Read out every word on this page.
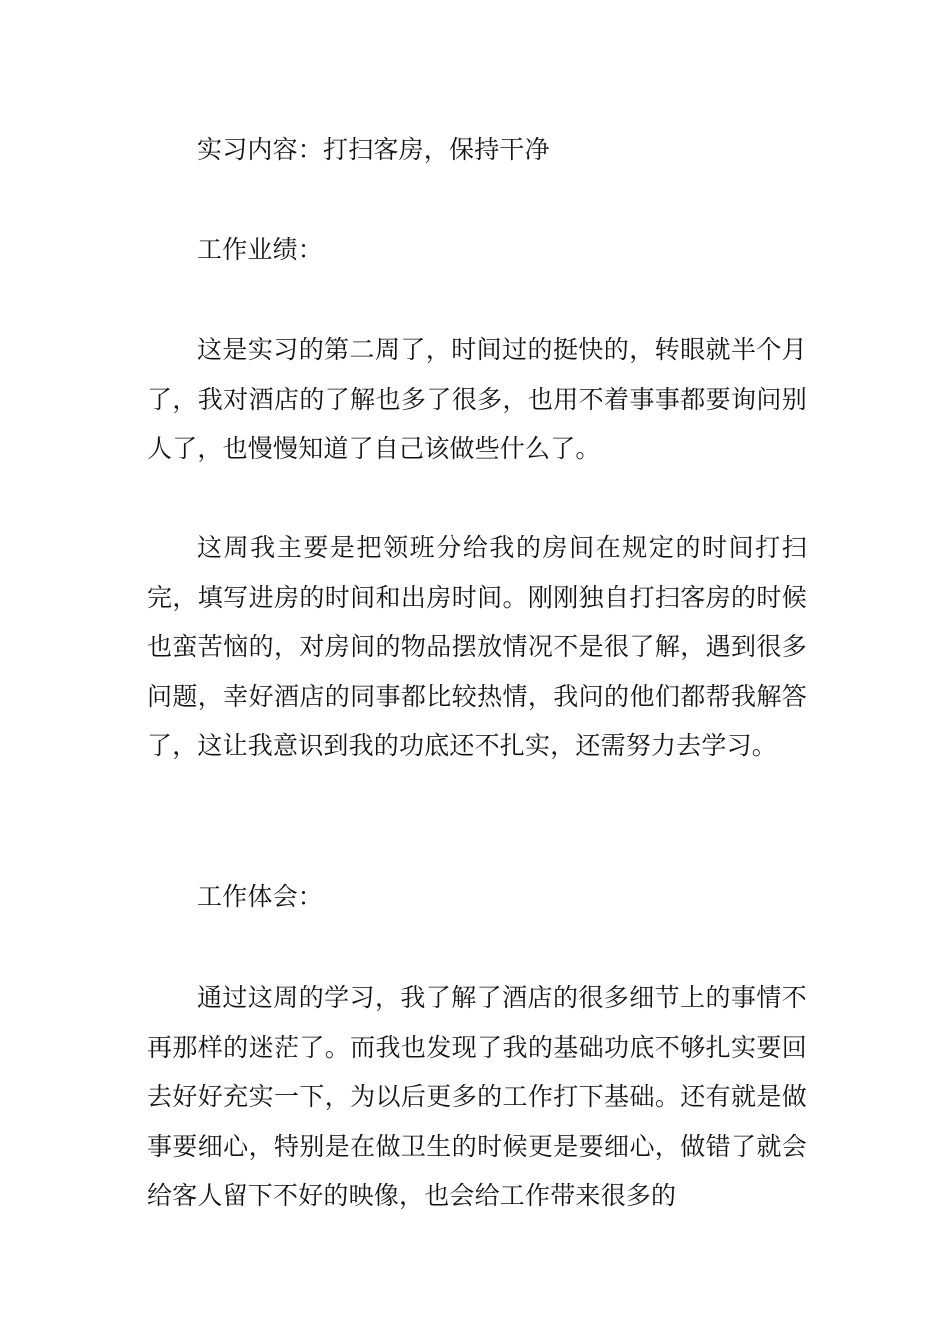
实习内容：打扫客房，保持干净

工作业绩：

这是实习的第二周了，时间过的挺快的，转眼就半个月了，我对酒店的了解也多了很多，也用不着事事都要询问别人了，也慢慢知道了自己该做些什么了。

这周我主要是把领班分给我的房间在规定的时间打扫完，填写进房的时间和出房时间。刚刚独自打扫客房的时候也蛮苦恼的，对房间的物品摆放情况不是很了解，遇到很多问题，幸好酒店的同事都比较热情，我问的他们都帮我解答了，这让我意识到我的功底还不扎实，还需努力去学习。

工作体会：

通过这周的学习，我了解了酒店的很多细节上的事情不再那样的迷茫了。而我也发现了我的基础功底不够扎实要回去好好充实一下，为以后更多的工作打下基础。还有就是做事要细心，特别是在做卫生的时候更是要细心，做错了就会给客人留下不好的映像，也会给工作带来很多的
